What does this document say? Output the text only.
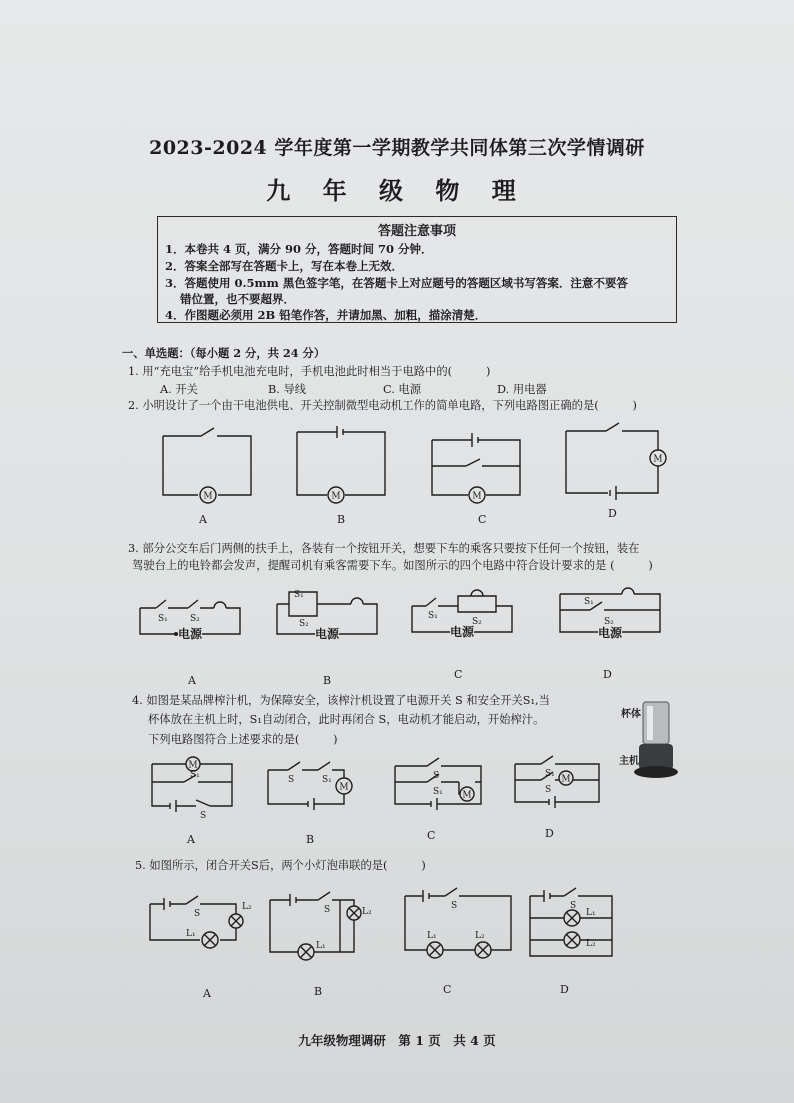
2023-2024 学年度第一学期教学共同体第三次学情调研
九 年 级 物 理
答题注意事项
1．本卷共 4 页，满分 90 分，答题时间 70 分钟．
2．答案全部写在答题卡上，写在本卷上无效．
3．答题使用 0.5mm 黑色签字笔，在答题卡上对应题号的答题区域书写答案．注意不要答
错位置，也不要超界．
4．作图题必须用 2B 铅笔作答，并请加黑、加粗，描涂清楚．
一、单选题：（每小题 2 分，共 24 分）
1. 用“充电宝”给手机电池充电时，手机电池此时相当于电路中的(　　　)
A. 开关	B. 导线	C. 电源	D. 用电器
2. 小明设计了一个由干电池供电、开关控制微型电动机工作的简单电路，下列电路图正确的是(　　　)
M
A
M
B
M
C
M
D
3. 部分公交车后门两侧的扶手上，各装有一个按钮开关，想要下车的乘客只要按下任何一个按钮，装在
驾驶台上的电铃都会发声，提醒司机有乘客需要下车。如图所示的四个电路中符合设计要求的是 (　　　)
S₁ S₂
电源
A
S₁
S₂
电源
B
S₁
S₂
电源
C
S₁
S₂
电源
D
4. 如图是某品牌榨汁机，为保障安全，该榨汁机设置了电源开关 S 和安全开关S₁,当
杯体放在主机上时，S₁自动闭合，此时再闭合 S，电动机才能启动，开始榨汁。
下列电路图符合上述要求的是(　　　)
杯体
主机
M
S₁
S
A
M
S	S₁
B
M
S
S₁
C
M
S₁
S
D
5. 如图所示，闭合开关S后，两个小灯泡串联的是(　　　)
S
L₁
L₂
A
S
L₁
L₂
B
S
L₁	L₂
C
S
L₁
L₂
D
九年级物理调研　第 1 页　共 4 页
